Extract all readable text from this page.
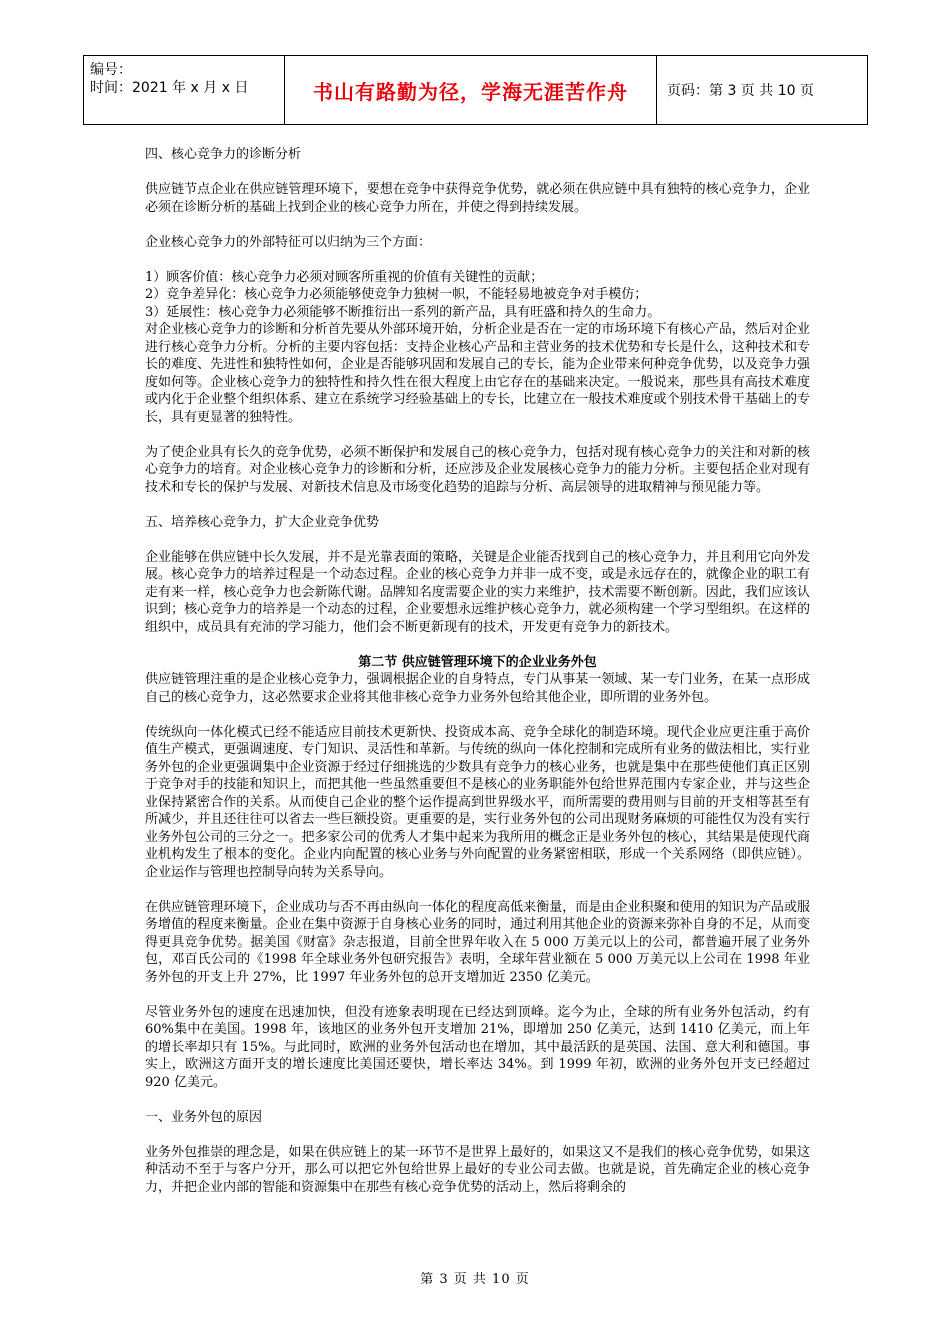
编号：
时间：2021 年 x 月 x 日	书山有路勤为径，学海无涯苦作舟	页码：第 3 页 共 10 页

四、核心竞争力的诊断分析

供应链节点企业在供应链管理环境下，要想在竞争中获得竞争优势，就必须在供应链中具有独特的核心竞争力，企业必须在诊断分析的基础上找到企业的核心竞争力所在，并使之得到持续发展。

企业核心竞争力的外部特征可以归纳为三个方面：

1）顾客价值：核心竞争力必须对顾客所重视的价值有关键性的贡献；

2）竞争差异化：核心竞争力必须能够使竞争力独树一帜，不能轻易地被竞争对手模仿；

3）延展性：核心竞争力必须能够不断推衍出一系列的新产品，具有旺盛和持久的生命力。

对企业核心竞争力的诊断和分析首先要从外部环境开始，分析企业是否在一定的市场环境下有核心产品，然后对企业进行核心竞争力分析。分析的主要内容包括：支持企业核心产品和主营业务的技术优势和专长是什么，这种技术和专长的难度、先进性和独特性如何，企业是否能够巩固和发展自己的专长，能为企业带来何种竞争优势，以及竞争力强度如何等。企业核心竞争力的独特性和持久性在很大程度上由它存在的基础来决定。一般说来，那些具有高技术难度或内化于企业整个组织体系、建立在系统学习经验基础上的专长，比建立在一般技术难度或个别技术骨干基础上的专长，具有更显著的独特性。

为了使企业具有长久的竞争优势，必须不断保护和发展自己的核心竞争力，包括对现有核心竞争力的关注和对新的核心竞争力的培育。对企业核心竞争力的诊断和分析，还应涉及企业发展核心竞争力的能力分析。主要包括企业对现有技术和专长的保护与发展、对新技术信息及市场变化趋势的追踪与分析、高层领导的进取精神与预见能力等。

五、培养核心竞争力，扩大企业竞争优势

企业能够在供应链中长久发展，并不是光靠表面的策略，关键是企业能否找到自己的核心竞争力，并且利用它向外发展。核心竞争力的培养过程是一个动态过程。企业的核心竞争力并非一成不变，或是永远存在的，就像企业的职工有走有来一样，核心竞争力也会新陈代谢。品牌知名度需要企业的实力来维护，技术需要不断创新。因此，我们应该认识到；核心竞争力的培养是一个动态的过程，企业要想永远维护核心竞争力，就必须构建一个学习型组织。在这样的组织中，成员具有充沛的学习能力，他们会不断更新现有的技术，开发更有竞争力的新技术。

第二节 供应链管理环境下的企业业务外包

供应链管理注重的是企业核心竞争力，强调根据企业的自身特点，专门从事某一领域、某一专门业务，在某一点形成自己的核心竞争力，这必然要求企业将其他非核心竞争力业务外包给其他企业，即所谓的业务外包。

传统纵向一体化模式已经不能适应目前技术更新快、投资成本高、竞争全球化的制造环境。现代企业应更注重于高价值生产模式，更强调速度、专门知识、灵活性和革新。与传统的纵向一体化控制和完成所有业务的做法相比，实行业务外包的企业更强调集中企业资源于经过仔细挑选的少数具有竞争力的核心业务，也就是集中在那些使他们真正区别于竞争对手的技能和知识上，而把其他一些虽然重要但不是核心的业务职能外包给世界范围内专家企业，并与这些企业保持紧密合作的关系。从而使自己企业的整个运作提高到世界级水平，而所需要的费用则与目前的开支相等甚至有所减少，并且还往往可以省去一些巨额投资。更重要的是，实行业务外包的公司出现财务麻烦的可能性仅为没有实行业务外包公司的三分之一。把多家公司的优秀人才集中起来为我所用的概念正是业务外包的核心，其结果是使现代商业机构发生了根本的变化。企业内向配置的核心业务与外向配置的业务紧密相联，形成一个关系网络（即供应链）。企业运作与管理也控制导向转为关系导向。

在供应链管理环境下，企业成功与否不再由纵向一体化的程度高低来衡量，而是由企业积聚和使用的知识为产品或服务增值的程度来衡量。企业在集中资源于自身核心业务的同时，通过利用其他企业的资源来弥补自身的不足，从而变得更具竞争优势。据美国《财富》杂志报道，目前全世界年收入在 5 000 万美元以上的公司，都普遍开展了业务外包，邓百氏公司的《1998 年全球业务外包研究报告》表明，全球年营业额在 5 000 万美元以上公司在 1998 年业务外包的开支上升 27%，比 1997 年业务外包的总开支增加近 2350 亿美元。

尽管业务外包的速度在迅速加快，但没有迹象表明现在已经达到顶峰。迄今为止，全球的所有业务外包活动，约有 60%集中在美国。1998 年，该地区的业务外包开支增加 21%，即增加 250 亿美元，达到 1410 亿美元，而上年的增长率却只有 15%。与此同时，欧洲的业务外包活动也在增加，其中最活跃的是英国、法国、意大利和德国。事实上，欧洲这方面开支的增长速度比美国还要快，增长率达 34%。到 1999 年初，欧洲的业务外包开支已经超过 920 亿美元。

一、业务外包的原因

业务外包推崇的理念是，如果在供应链上的某一环节不是世界上最好的，如果这又不是我们的核心竞争优势，如果这种活动不至于与客户分开，那么可以把它外包给世界上最好的专业公司去做。也就是说，首先确定企业的核心竞争力，并把企业内部的智能和资源集中在那些有核心竞争优势的活动上，然后将剩余的

第 3 页 共 10 页
